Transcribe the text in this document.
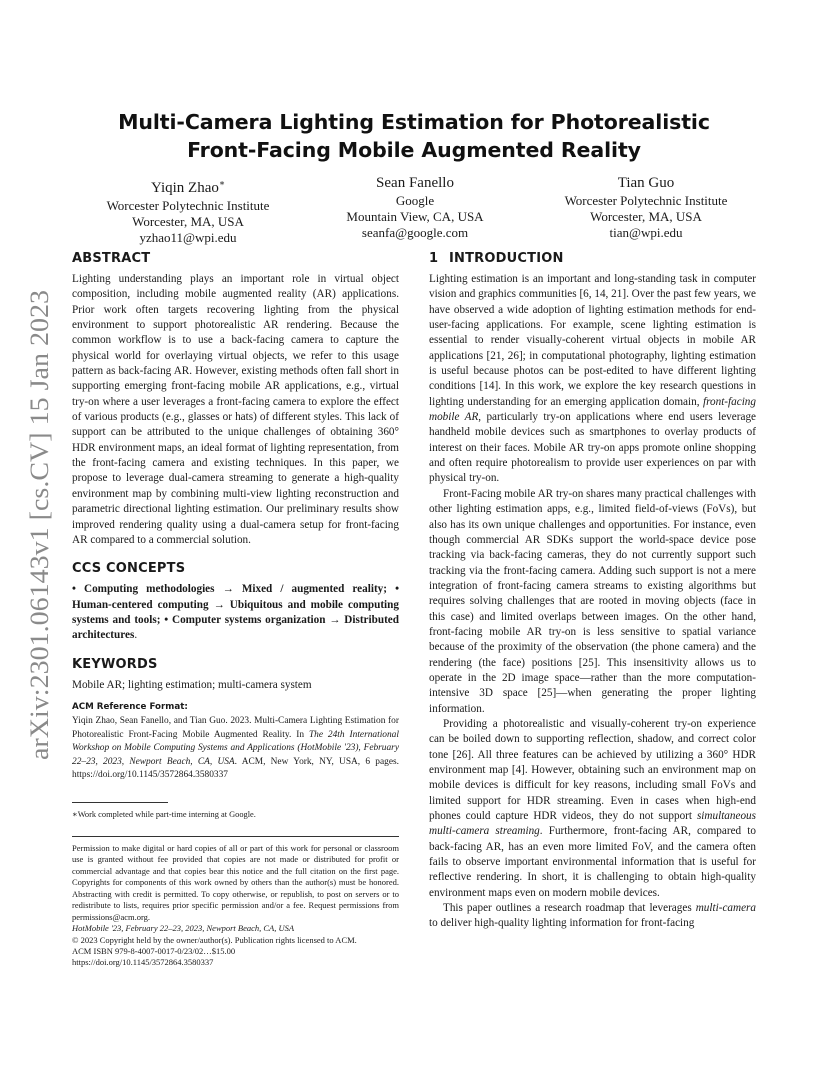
arXiv:2301.06143v1 [cs.CV] 15 Jan 2023
Multi-Camera Lighting Estimation for Photorealistic
Front-Facing Mobile Augmented Reality
Yiqin Zhao∗
Worcester Polytechnic Institute
Worcester, MA, USA
yzhao11@wpi.edu
Sean Fanello
Google
Mountain View, CA, USA
seanfa@google.com
Tian Guo
Worcester Polytechnic Institute
Worcester, MA, USA
tian@wpi.edu
ABSTRACT

Lighting understanding plays an important role in virtual object composition, including mobile augmented reality (AR) applications. Prior work often targets recovering lighting from the physical environment to support photorealistic AR rendering. Because the common workflow is to use a back-facing camera to capture the physical world for overlaying virtual objects, we refer to this usage pattern as back-facing AR. However, existing methods often fall short in supporting emerging front-facing mobile AR applications, e.g., virtual try-on where a user leverages a front-facing camera to explore the effect of various products (e.g., glasses or hats) of different styles. This lack of support can be attributed to the unique challenges of obtaining 360° HDR environment maps, an ideal format of lighting representation, from the front-facing camera and existing techniques. In this paper, we propose to leverage dual-camera streaming to generate a high-quality environment map by combining multi-view lighting reconstruction and parametric directional lighting estimation. Our preliminary results show improved rendering quality using a dual-camera setup for front-facing AR compared to a commercial solution.

CCS CONCEPTS

• Computing methodologies → Mixed / augmented reality; • Human-centered computing → Ubiquitous and mobile computing systems and tools; • Computer systems organization → Distributed architectures.

KEYWORDS

Mobile AR; lighting estimation; multi-camera system

ACM Reference Format:

Yiqin Zhao, Sean Fanello, and Tian Guo. 2023. Multi-Camera Lighting Estimation for Photorealistic Front-Facing Mobile Augmented Reality. In The 24th International Workshop on Mobile Computing Systems and Applications (HotMobile '23), February 22–23, 2023, Newport Beach, CA, USA. ACM, New York, NY, USA, 6 pages. https://doi.org/10.1145/3572864.3580337

∗Work completed while part-time interning at Google.

Permission to make digital or hard copies of all or part of this work for personal or classroom use is granted without fee provided that copies are not made or distributed for profit or commercial advantage and that copies bear this notice and the full citation on the first page. Copyrights for components of this work owned by others than the author(s) must be honored. Abstracting with credit is permitted. To copy otherwise, or republish, to post on servers or to redistribute to lists, requires prior specific permission and/or a fee. Request permissions from permissions@acm.org.

HotMobile '23, February 22–23, 2023, Newport Beach, CA, USA

© 2023 Copyright held by the owner/author(s). Publication rights licensed to ACM.

ACM ISBN 979-8-4007-0017-0/23/02…$15.00

https://doi.org/10.1145/3572864.3580337

1 INTRODUCTION

Lighting estimation is an important and long-standing task in computer vision and graphics communities [6, 14, 21]. Over the past few years, we have observed a wide adoption of lighting estimation methods for end-user-facing applications. For example, scene lighting estimation is essential to render visually-coherent virtual objects in mobile AR applications [21, 26]; in computational photography, lighting estimation is useful because photos can be post-edited to have different lighting conditions [14]. In this work, we explore the key research questions in lighting understanding for an emerging application domain, front-facing mobile AR, particularly try-on applications where end users leverage handheld mobile devices such as smartphones to overlay products of interest on their faces. Mobile AR try-on apps promote online shopping and often require photorealism to provide user experiences on par with physical try-on.

Front-Facing mobile AR try-on shares many practical challenges with other lighting estimation apps, e.g., limited field-of-views (FoVs), but also has its own unique challenges and opportunities. For instance, even though commercial AR SDKs support the world-space device pose tracking via back-facing cameras, they do not currently support such tracking via the front-facing camera. Adding such support is not a mere integration of front-facing camera streams to existing algorithms but requires solving challenges that are rooted in moving objects (face in this case) and limited overlaps between images. On the other hand, front-facing mobile AR try-on is less sensitive to spatial variance because of the proximity of the observation (the phone camera) and the rendering (the face) positions [25]. This insensitivity allows us to operate in the 2D image space—rather than the more computation-intensive 3D space [25]—when generating the proper lighting information.

Providing a photorealistic and visually-coherent try-on experience can be boiled down to supporting reflection, shadow, and correct color tone [26]. All three features can be achieved by utilizing a 360° HDR environment map [4]. However, obtaining such an environment map on mobile devices is difficult for key reasons, including small FoVs and limited support for HDR streaming. Even in cases when high-end phones could capture HDR videos, they do not support simultaneous multi-camera streaming. Furthermore, front-facing AR, compared to back-facing AR, has an even more limited FoV, and the camera often fails to observe important environmental information that is useful for reflective rendering. In short, it is challenging to obtain high-quality environment maps even on modern mobile devices.

This paper outlines a research roadmap that leverages multi-camera to deliver high-quality lighting information for front-facing
